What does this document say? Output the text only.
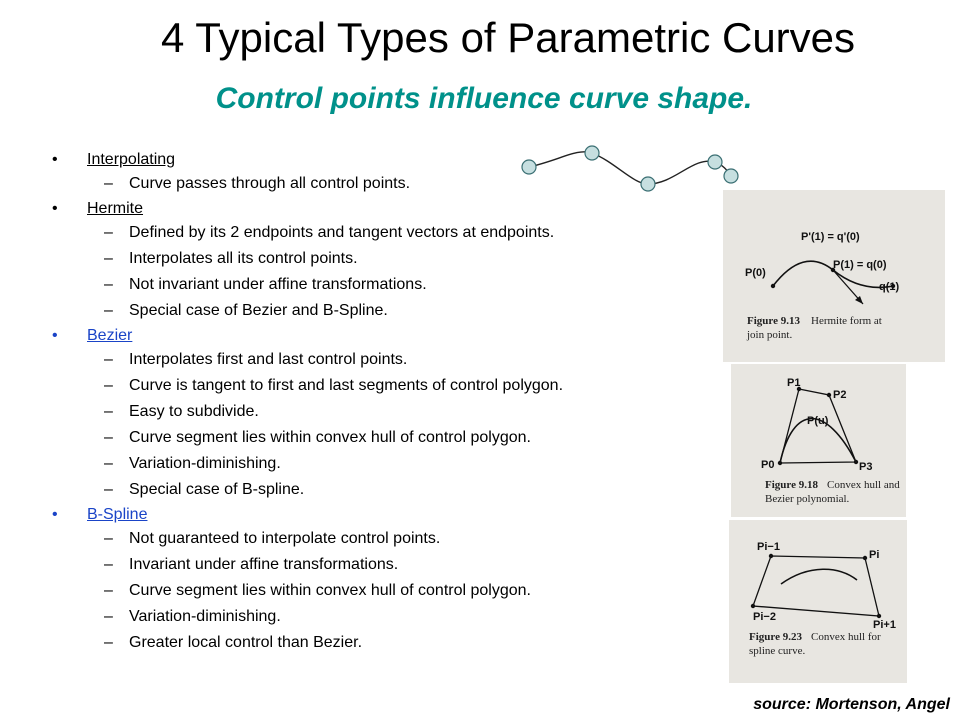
4 Typical Types of Parametric Curves
Control points influence curve shape.
• Interpolating
– Curve passes through all control points.
• Hermite
– Defined by its 2 endpoints and tangent vectors at endpoints.
– Interpolates all its control points.
– Not invariant under affine transformations.
– Special case of Bezier and B-Spline.
• Bezier
– Interpolates first and last control points.
– Curve is tangent to first and last segments of control polygon.
– Easy to subdivide.
– Curve segment lies within convex hull of control polygon.
– Variation-diminishing.
– Special case of B-spline.
• B-Spline
– Not guaranteed to interpolate control points.
– Invariant under affine transformations.
– Curve segment lies within convex hull of control polygon.
– Variation-diminishing.
– Greater local control than Bezier.
P(0)
P'(1) = q'(0)
P(1) = q(0)
q(1)
Figure 9.13 Hermite form at
join point.
P0
P1
P2
P3
P(u)
Figure 9.18 Convex hull and
Bezier polynomial.
Pi−1
Pi
Pi−2
Pi+1
Figure 9.23 Convex hull for
spline curve.
source: Mortenson, Angel
